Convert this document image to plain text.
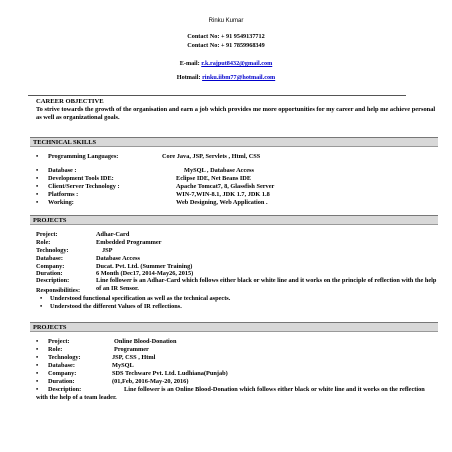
Rinku Kumar
Contact No: + 91 9549137712
Contact No: + 91 7859968349
E-mail: r.k.rajput8432@gmail.com
Hotmail: rinku.iibm77@hotmail.com
CAREER OBJECTIVE
To strive towards the growth of the organisation and earn a job which provides me more opportunities for my career and help me achieve personal as well as organizational goals.
TECHNICAL SKILLS
• Programming Languages:	Core Java, JSP, Servlets , Html, CSS
• Database :	MySQL , Database Access
• Development Tools IDE:	Eclipse IDE, Net Beans IDE
• Client/Server Technology :	Apache Tomcat7, 8, Glassfish Server
• Platforms :	WIN-7,WIN-8.1, JDK 1.7, JDK 1.8
• Working:	Web Designing, Web Application .
PROJECTS
Project:	Adhar-Card
Role:	Embedded Programmer
Technology:	JSP
Database:	Database Access
Company:	Ducat. Pvt. Ltd. (Summer Training)
Duration:	6 Month (Dec17, 2014-May26, 2015)
Description:	Line follower is an Adhar-Card which follows either black or white line and it works on the principle of reflection with the help of an IR Sensor.
Responsibilities:
• Understood functional specification as well as the technical aspects.
• Understood the different Values of IR reflections.
PROJECTS
• Project:	Online Blood-Donation
• Role:	Programmer
• Technology:	JSP, CSS , Html
• Database:	MySQL
• Company:	SDS Techware Pvt. Ltd. Ludhiana(Punjab)
• Duration:	(01,Feb, 2016-May-20, 2016)
• Description:	Line follower is an Online Blood-Donation which follows either black or white line and it works on the reflection with the help of a team leader.
